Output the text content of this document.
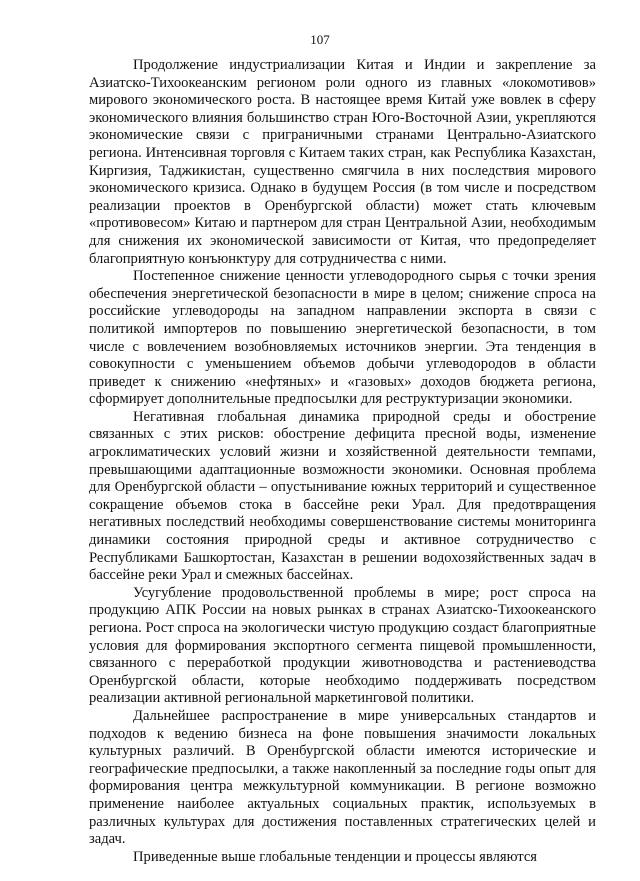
107

Продолжение индустриализации Китая и Индии и закрепление за Азиатско-Тихоокеанским регионом роли одного из главных «локомотивов» мирового экономического роста. В настоящее время Китай уже вовлек в сферу экономического влияния большинство стран Юго-Восточной Азии, укрепляются экономические связи с приграничными странами Центрально-Азиатского региона. Интенсивная торговля с Китаем таких стран, как Республика Казахстан, Киргизия, Таджикистан, существенно смягчила в них последствия мирового экономического кризиса. Однако в будущем Россия (в том числе и посредством реализации проектов в Оренбургской области) может стать ключевым «противовесом» Китаю и партнером для стран Центральной Азии, необходимым для снижения их экономической зависимости от Китая, что предопределяет благоприятную конъюнктуру для сотрудничества с ними.

Постепенное снижение ценности углеводородного сырья с точки зрения обеспечения энергетической безопасности в мире в целом; снижение спроса на российские углеводороды на западном направлении экспорта в связи с политикой импортеров по повышению энергетической безопасности, в том числе с вовлечением возобновляемых источников энергии. Эта тенденция в совокупности с уменьшением объемов добычи углеводородов в области приведет к снижению «нефтяных» и «газовых» доходов бюджета региона, сформирует дополнительные предпосылки для реструктуризации экономики.

Негативная глобальная динамика природной среды и обострение связанных с этих рисков: обострение дефицита пресной воды, изменение агроклиматических условий жизни и хозяйственной деятельности темпами, превышающими адаптационные возможности экономики. Основная проблема для Оренбургской области – опустынивание южных территорий и существенное сокращение объемов стока в бассейне реки Урал. Для предотвращения негативных последствий необходимы совершенствование системы мониторинга динамики состояния природной среды и активное сотрудничество с Республиками Башкортостан, Казахстан в решении водохозяйственных задач в бассейне реки Урал и смежных бассейнах.

Усугубление продовольственной проблемы в мире; рост спроса на продукцию АПК России на новых рынках в странах Азиатско-Тихоокеанского региона. Рост спроса на экологически чистую продукцию создаст благоприятные условия для формирования экспортного сегмента пищевой промышленности, связанного с переработкой продукции животноводства и растениеводства Оренбургской области, которые необходимо поддерживать посредством реализации активной региональной маркетинговой политики.

Дальнейшее распространение в мире универсальных стандартов и подходов к ведению бизнеса на фоне повышения значимости локальных культурных различий. В Оренбургской области имеются исторические и географические предпосылки, а также накопленный за последние годы опыт для формирования центра межкультурной коммуникации. В регионе возможно применение наиболее актуальных социальных практик, используемых в различных культурах для достижения поставленных стратегических целей и задач.

Приведенные выше глобальные тенденции и процессы являются
